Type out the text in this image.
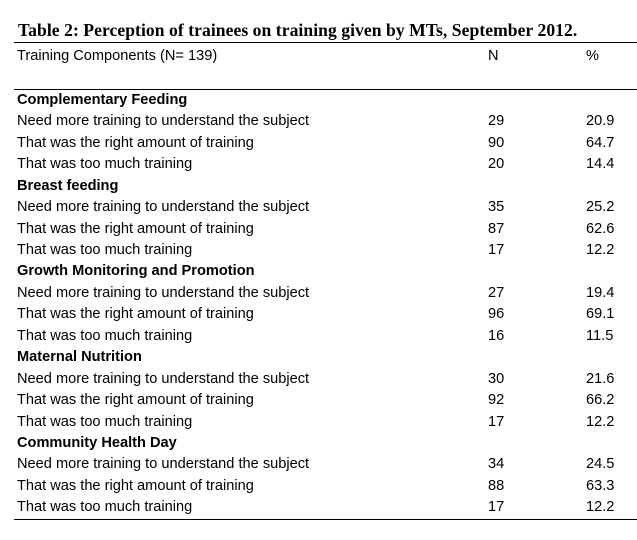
Table 2: Perception of trainees on training given by MTs, September 2012.
Training Components (N= 139)	N	%
Complementary Feeding
Need more training to understand the subject	29	20.9
That was the right amount of training	90	64.7
That was too much training	20	14.4
Breast feeding
Need more training to understand the subject	35	25.2
That was the right amount of training	87	62.6
That was too much training	17	12.2
Growth Monitoring and Promotion
Need more training to understand the subject	27	19.4
That was the right amount of training	96	69.1
That was too much training	16	11.5
Maternal Nutrition
Need more training to understand the subject	30	21.6
That was the right amount of training	92	66.2
That was too much training	17	12.2
Community Health Day
Need more training to understand the subject	34	24.5
That was the right amount of training	88	63.3
That was too much training	17	12.2
